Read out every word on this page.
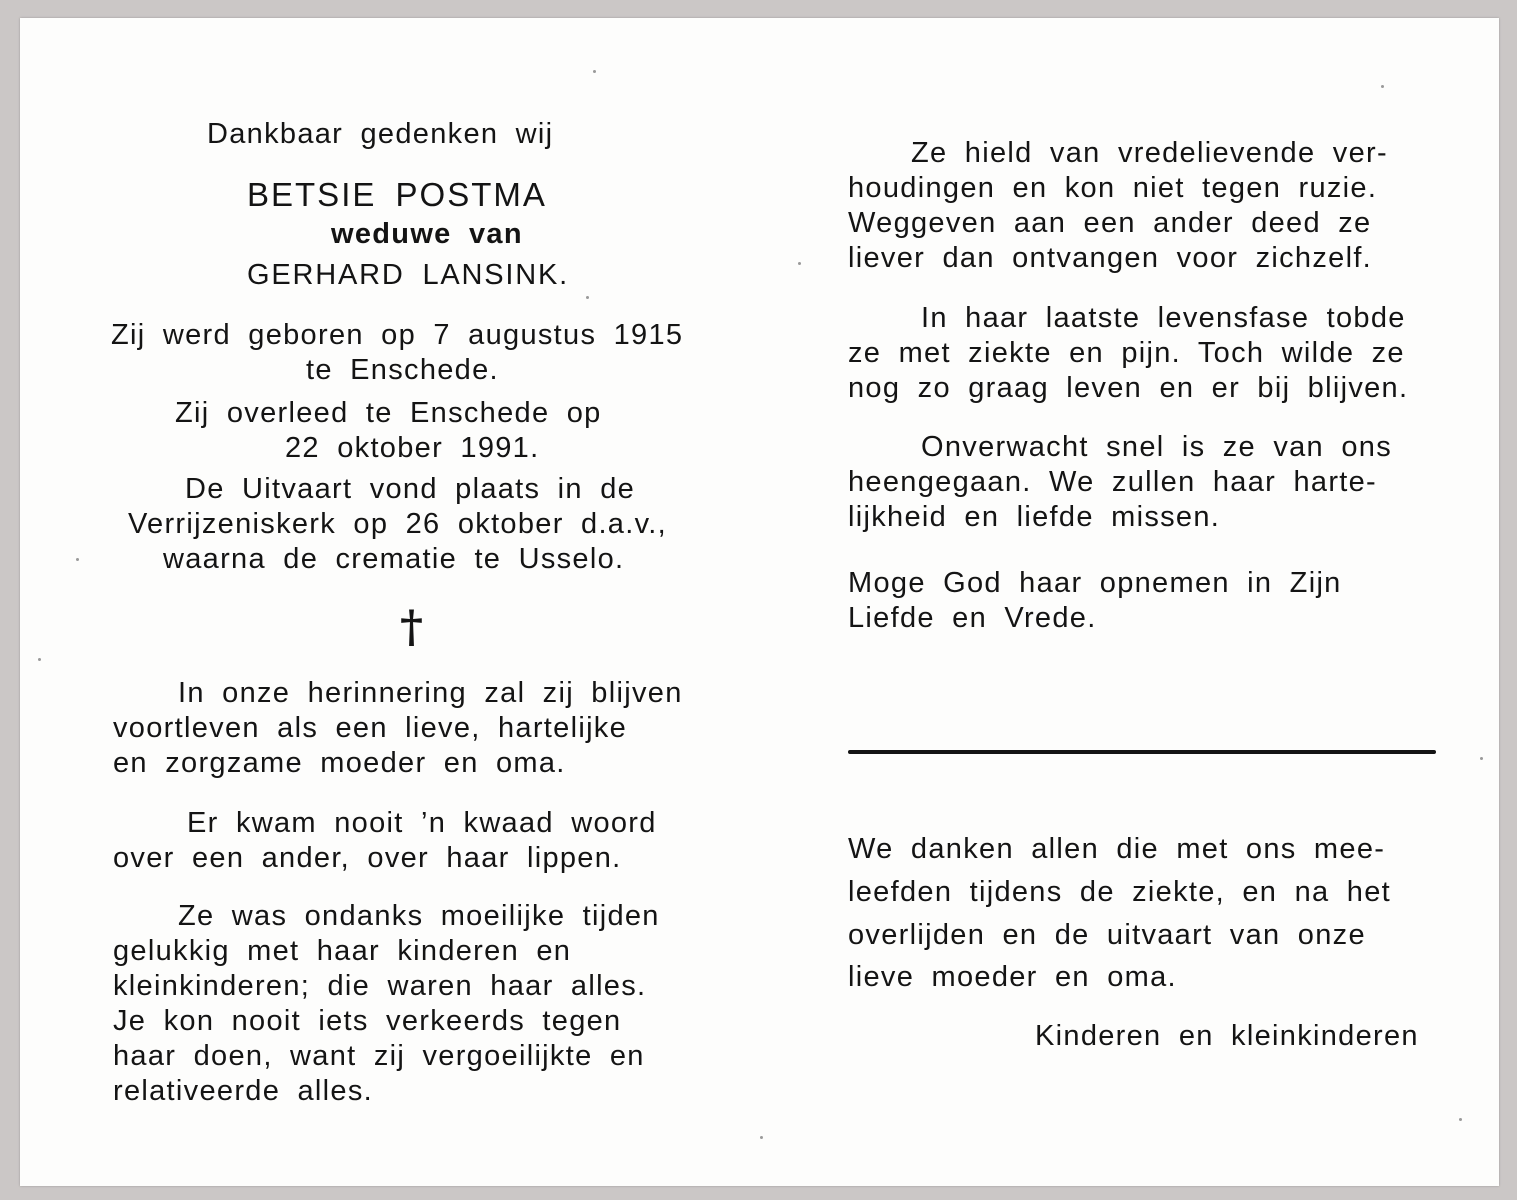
Dankbaar gedenken wij
BETSIE POSTMA
weduwe van
GERHARD LANSINK.
Zij werd geboren op 7 augustus 1915
te Enschede.
Zij overleed te Enschede op
22 oktober 1991.
De Uitvaart vond plaats in de
Verrijzeniskerk op 26 oktober d.a.v.,
waarna de crematie te Usselo.
†
In onze herinnering zal zij blijven
voortleven als een lieve, hartelijke
en zorgzame moeder en oma.
Er kwam nooit ’n kwaad woord
over een ander, over haar lippen.
Ze was ondanks moeilijke tijden
gelukkig met haar kinderen en
kleinkinderen; die waren haar alles.
Je kon nooit iets verkeerds tegen
haar doen, want zij vergoeilijkte en
relativeerde alles.
Ze hield van vredelievende ver-
houdingen en kon niet tegen ruzie.
Weggeven aan een ander deed ze
liever dan ontvangen voor zichzelf.
In haar laatste levensfase tobde
ze met ziekte en pijn. Toch wilde ze
nog zo graag leven en er bij blijven.
Onverwacht snel is ze van ons
heengegaan. We zullen haar harte-
lijkheid en liefde missen.
Moge God haar opnemen in Zijn
Liefde en Vrede.
We danken allen die met ons mee-
leefden tijdens de ziekte, en na het
overlijden en de uitvaart van onze
lieve moeder en oma.
Kinderen en kleinkinderen
